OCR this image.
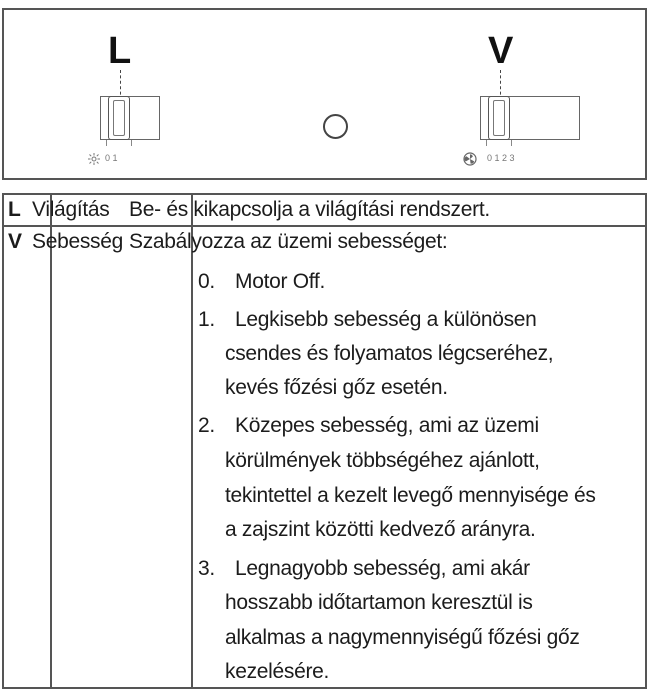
L
0 1
V
0 1 2 3
L Világítás Be- és kikapcsolja a világítási rendszert.
V Sebesség Szabályozza az üzemi sebességet:
0. Motor Off.
1. Legkisebb sebesség a különösen
csendes és folyamatos légcseréhez,
kevés főzési gőz esetén.
2. Közepes sebesség, ami az üzemi
körülmények többségéhez ajánlott,
tekintettel a kezelt levegő mennyisége és
a zajszint közötti kedvező arányra.
3. Legnagyobb sebesség, ami akár
hosszabb időtartamon keresztül is
alkalmas a nagymennyiségű főzési gőz
kezelésére.
